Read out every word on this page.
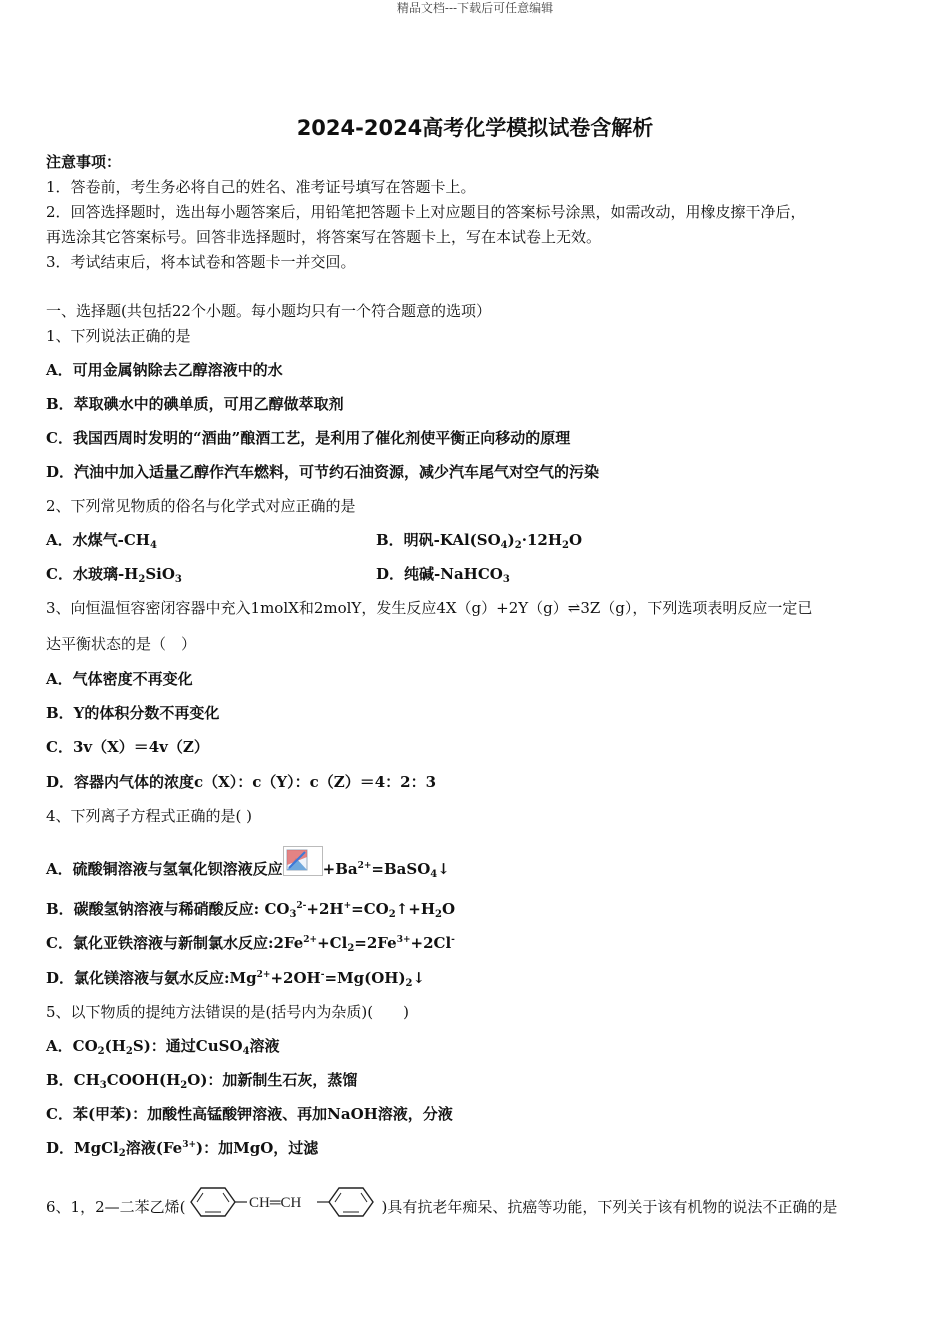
精品文档---下载后可任意编辑
2024-2024高考化学模拟试卷含解析
注意事项：
1．答卷前，考生务必将自己的姓名、准考证号填写在答题卡上。
2．回答选择题时，选出每小题答案后，用铅笔把答题卡上对应题目的答案标号涂黑，如需改动，用橡皮擦干净后，
再选涂其它答案标号。回答非选择题时，将答案写在答题卡上，写在本试卷上无效。
3．考试结束后，将本试卷和答题卡一并交回。
一、选择题(共包括22个小题。每小题均只有一个符合题意的选项）
1、下列说法正确的是
A．可用金属钠除去乙醇溶液中的水
B．萃取碘水中的碘单质，可用乙醇做萃取剂
C．我国西周时发明的“酒曲”酿酒工艺，是利用了催化剂使平衡正向移动的原理
D．汽油中加入适量乙醇作汽车燃料，可节约石油资源，减少汽车尾气对空气的污染
2、下列常见物质的俗名与化学式对应正确的是
A．水煤气$-CH_4$	B．明矾$-KAl(SO_4)_2\cdot 12H_2O$
C．水玻璃$-H_2SiO_3$	D．纯碱-NaHCO$_3$
3、向恒温恒容密闭容器中充入1molX和2molY，发生反应4X（g）+2Y（g）⇌3Z（g），下列选项表明反应一定已
达平衡状态的是（　）
A．气体密度不再变化
B．Y的体积分数不再变化
C．3v（X）＝4v（Z）
D．容器内气体的浓度c（X）：c（Y）：c（Z）＝4：2：3
4、下列离子方程式正确的是( )
A．硫酸铜溶液与氢氧化钡溶液反应	$+Ba^{2+}=BaSO_4↓$
B．碳酸氢钠溶液与稀硝酸反应: $CO_3^{2-}+2H^+=CO_2↑+H_2O$
C．氯化亚铁溶液与新制氯水反应$:2Fe^{2+}+Cl_2=2Fe^{3+}+2Cl^-$
D．氯化镁溶液与氨水反应$:Mg^{2+}+2OH^-=Mg(OH)_2↓$
5、以下物质的提纯方法错误的是(括号内为杂质)(　　)
A．$CO_2(H_2S)$：通过CuSO$_4$溶液
B．$CH_3COOH(H_2O)$：加新制生石灰，蒸馏
C．苯(甲苯)：加酸性高锰酸钾溶液、再加NaOH溶液，分液
D．MgCl$_2$溶液$(Fe^{3+})$：加MgO，过滤
6、1，2—二苯乙烯(	CH═CH	)具有抗老年痴呆、抗癌等功能，下列关于该有机物的说法不正确的是
